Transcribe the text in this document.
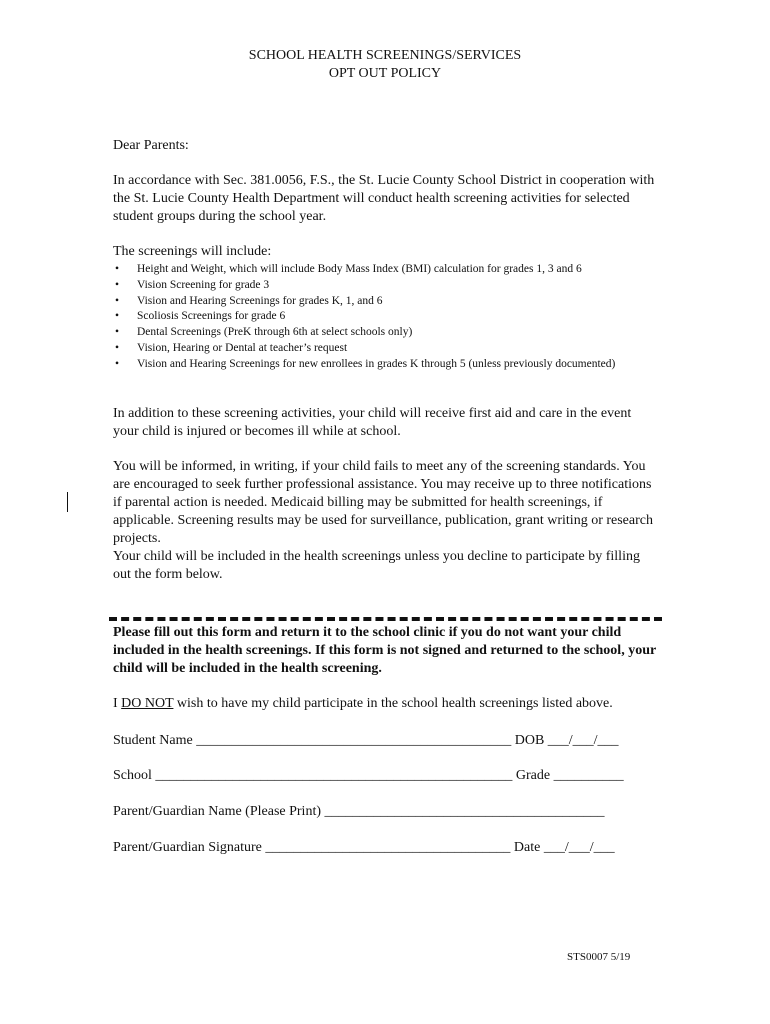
SCHOOL HEALTH SCREENINGS/SERVICES
OPT OUT POLICY
Dear Parents:
In accordance with Sec. 381.0056, F.S., the St. Lucie County School District in cooperation with the St. Lucie County Health Department will conduct health screening activities for selected student groups during the school year.
The screenings will include:
• Height and Weight, which will include Body Mass Index (BMI) calculation for grades 1, 3 and 6
• Vision Screening for grade 3
• Vision and Hearing Screenings for grades K, 1, and 6
• Scoliosis Screenings for grade 6
• Dental Screenings (PreK through 6th at select schools only)
• Vision, Hearing or Dental at teacher’s request
• Vision and Hearing Screenings for new enrollees in grades K through 5 (unless previously documented)
In addition to these screening activities, your child will receive first aid and care in the event your child is injured or becomes ill while at school.
You will be informed, in writing, if your child fails to meet any of the screening standards. You are encouraged to seek further professional assistance. You may receive up to three notifications if parental action is needed. Medicaid billing may be submitted for health screenings, if applicable. Screening results may be used for surveillance, publication, grant writing or research projects.
Your child will be included in the health screenings unless you decline to participate by filling out the form below.
Please fill out this form and return it to the school clinic if you do not want your child included in the health screenings. If this form is not signed and returned to the school, your child will be included in the health screening.
I DO NOT wish to have my child participate in the school health screenings listed above.
Student Name _____________________________________________ DOB ___/___/___
School ___________________________________________________ Grade __________
Parent/Guardian Name (Please Print) ________________________________________
Parent/Guardian Signature ___________________________________ Date ___/___/___
STS0007 5/19
